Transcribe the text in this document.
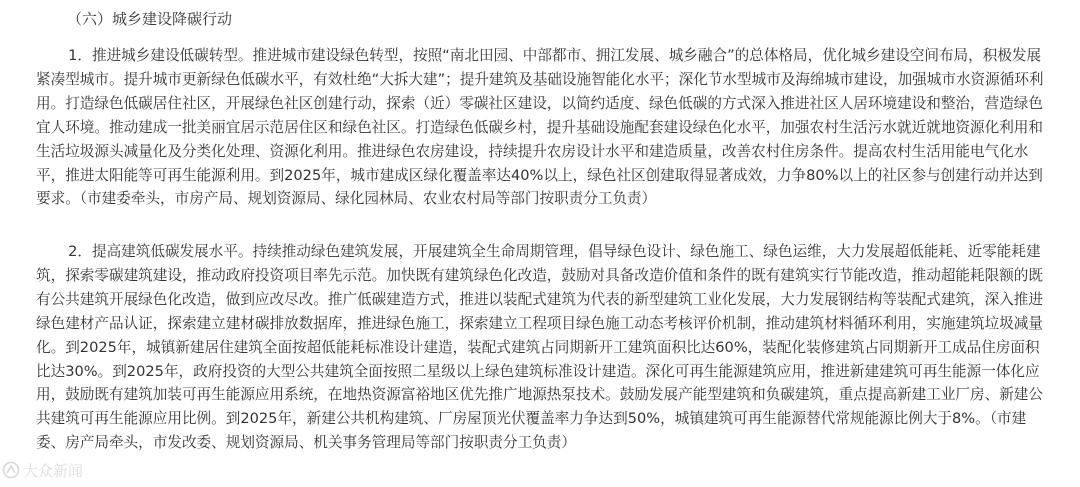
（六）城乡建设降碳行动

1．推进城乡建设低碳转型。推进城市建设绿色转型，按照“南北田园、中部都市、拥江发展、城乡融合”的总体格局，优化城乡建设空间布局，积极发展紧凑型城市。提升城市更新绿色低碳水平，有效杜绝“大拆大建”；提升建筑及基础设施智能化水平；深化节水型城市及海绵城市建设，加强城市水资源循环利用。打造绿色低碳居住社区，开展绿色社区创建行动，探索（近）零碳社区建设，以简约适度、绿色低碳的方式深入推进社区人居环境建设和整治，营造绿色宜人环境。推动建成一批美丽宜居示范居住区和绿色社区。打造绿色低碳乡村，提升基础设施配套建设绿色化水平，加强农村生活污水就近就地资源化利用和生活垃圾源头减量化及分类化处理、资源化利用。推进绿色农房建设，持续提升农房设计水平和建造质量，改善农村住房条件。提高农村生活用能电气化水平，推进太阳能等可再生能源利用。到2025年，城市建成区绿化覆盖率达40%以上，绿色社区创建取得显著成效，力争80%以上的社区参与创建行动并达到要求。（市建委牵头，市房产局、规划资源局、绿化园林局、农业农村局等部门按职责分工负责）

2．提高建筑低碳发展水平。持续推动绿色建筑发展，开展建筑全生命周期管理，倡导绿色设计、绿色施工、绿色运维，大力发展超低能耗、近零能耗建筑，探索零碳建筑建设，推动政府投资项目率先示范。加快既有建筑绿色化改造，鼓励对具备改造价值和条件的既有建筑实行节能改造，推动超能耗限额的既有公共建筑开展绿色化改造，做到应改尽改。推广低碳建造方式，推进以装配式建筑为代表的新型建筑工业化发展，大力发展钢结构等装配式建筑，深入推进绿色建材产品认证，探索建立建材碳排放数据库，推进绿色施工，探索建立工程项目绿色施工动态考核评价机制，推动建筑材料循环利用，实施建筑垃圾减量化。到2025年，城镇新建居住建筑全面按超低能耗标准设计建造，装配式建筑占同期新开工建筑面积比达60%，装配化装修建筑占同期新开工成品住房面积比达30%。到2025年，政府投资的大型公共建筑全面按照二星级以上绿色建筑标准设计建造。深化可再生能源建筑应用，推进新建建筑可再生能源一体化应用，鼓励既有建筑加装可再生能源应用系统，在地热资源富裕地区优先推广地源热泵技术。鼓励发展产能型建筑和负碳建筑，重点提高新建工业厂房、新建公共建筑可再生能源应用比例。到2025年，新建公共机构建筑、厂房屋顶光伏覆盖率力争达到50%，城镇建筑可再生能源替代常规能源比例大于8%。（市建委、房产局牵头，市发改委、规划资源局、机关事务管理局等部门按职责分工负责）

大众新闻
